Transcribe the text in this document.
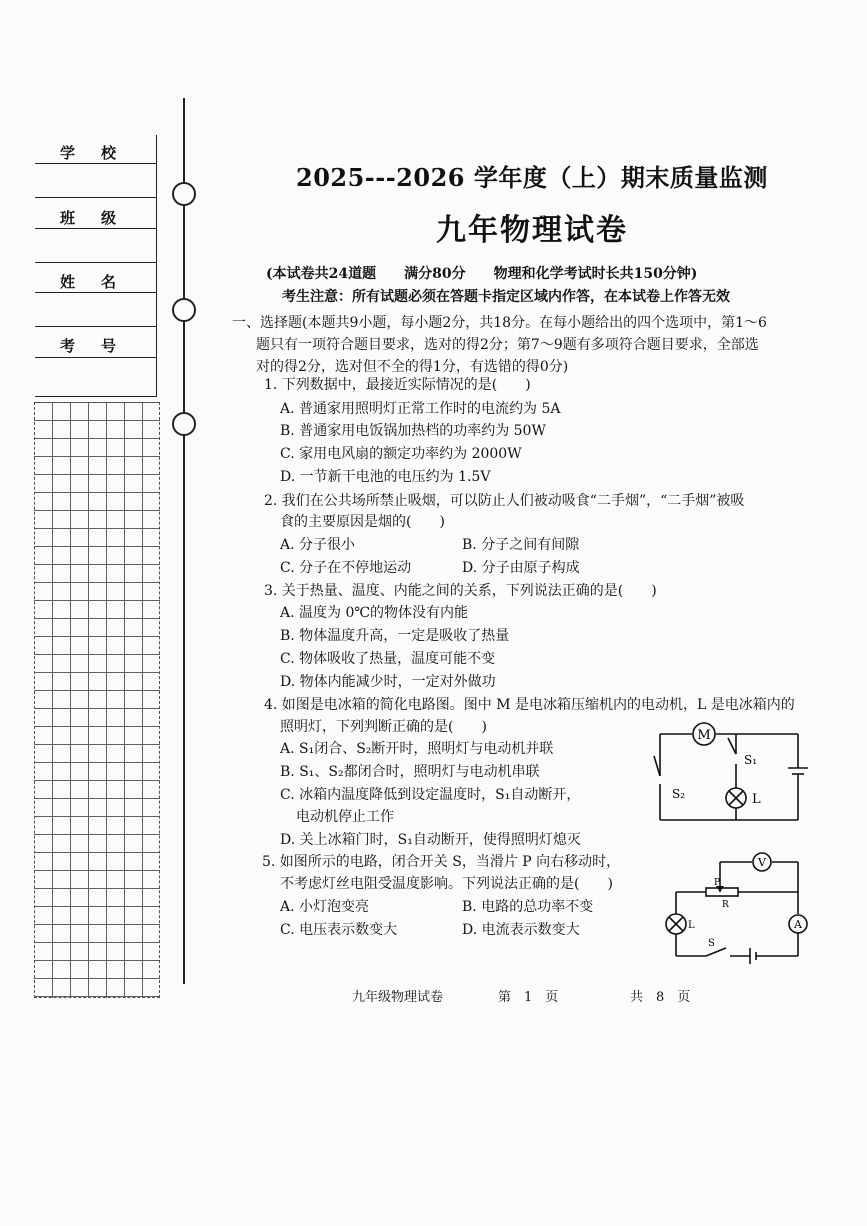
学校
班级
姓名
考号
2025---2026 学年度（上）期末质量监测
九年物理试卷
(本试卷共24道题　　满分80分　　物理和化学考试时长共150分钟)
考生注意：所有试题必须在答题卡指定区域内作答，在本试卷上作答无效
一、选择题(本题共9小题，每小题2分，共18分。在每小题给出的四个选项中，第1～6
题只有一项符合题目要求，选对的得2分；第7～9题有多项符合题目要求，全部选
对的得2分，选对但不全的得1分，有选错的得0分)
1. 下列数据中，最接近实际情况的是(　　)
A. 普通家用照明灯正常工作时的电流约为 5A
B. 普通家用电饭锅加热档的功率约为 50W
C. 家用电风扇的额定功率约为 2000W
D. 一节新干电池的电压约为 1.5V
2. 我们在公共场所禁止吸烟，可以防止人们被动吸食“二手烟”，“二手烟”被吸
食的主要原因是烟的(　　)
A. 分子很小	B. 分子之间有间隙
C. 分子在不停地运动	D. 分子由原子构成
3. 关于热量、温度、内能之间的关系，下列说法正确的是(　　)
A. 温度为 0℃的物体没有内能
B. 物体温度升高，一定是吸收了热量
C. 物体吸收了热量，温度可能不变
D. 物体内能减少时，一定对外做功
4. 如图是电冰箱的简化电路图。图中 M 是电冰箱压缩机内的电动机，L 是电冰箱内的
照明灯，下列判断正确的是(　　)
A. S₁闭合、S₂断开时，照明灯与电动机并联
B. S₁、S₂都闭合时，照明灯与电动机串联
C. 冰箱内温度降低到设定温度时，S₁自动断开，
电动机停止工作
D. 关上冰箱门时，S₁自动断开，使得照明灯熄灭
M
S₁
S₂	L
5. 如图所示的电路，闭合开关 S，当滑片 P 向右移动时，
不考虑灯丝电阻受温度影响。下列说法正确的是(　　)
A. 小灯泡变亮	B. 电路的总功率不变
C. 电压表示数变大	D. 电流表示数变大
V
A
P
R
L
S
九年级物理试卷	第　1　页	共　8　页
